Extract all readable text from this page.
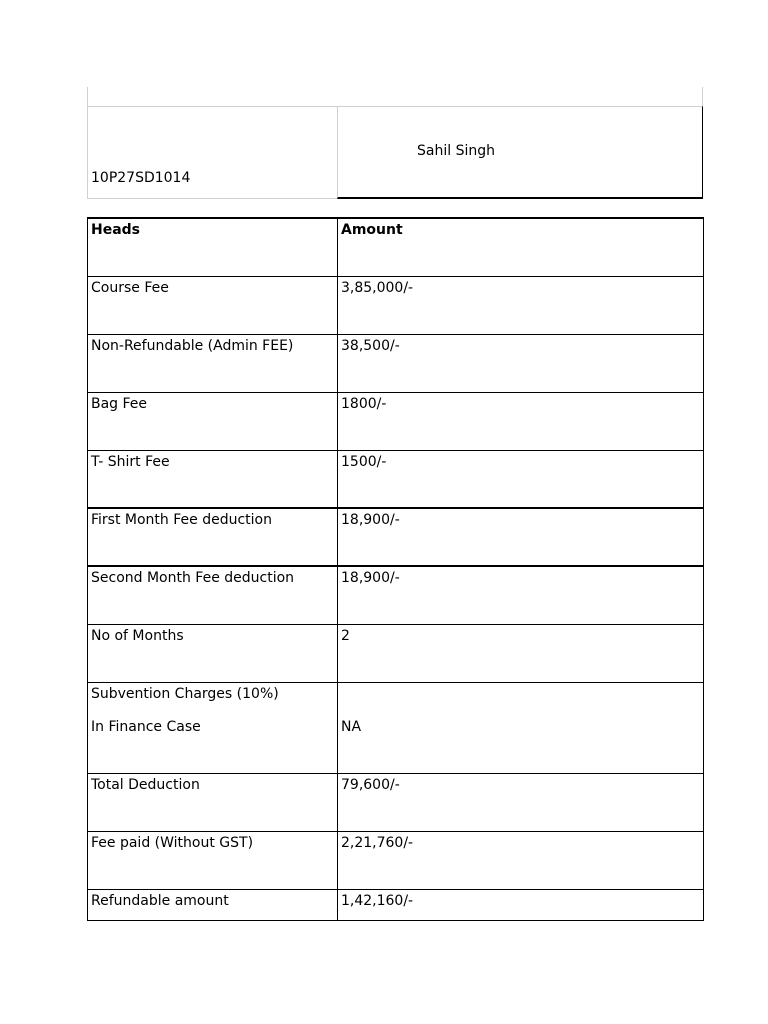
10P27SD1014
Sahil Singh
Heads	Amount
Course Fee	3,85,000/-
Non-Refundable (Admin FEE)	38,500/-
Bag Fee	1800/-
T- Shirt Fee	1500/-
First Month Fee deduction	18,900/-
Second Month Fee deduction	18,900/-
No of Months	2
Subvention Charges (10%)
In Finance Case	NA

Total Deduction	79,600/-
Fee paid (Without GST)	2,21,760/-
Refundable amount	1,42,160/-
